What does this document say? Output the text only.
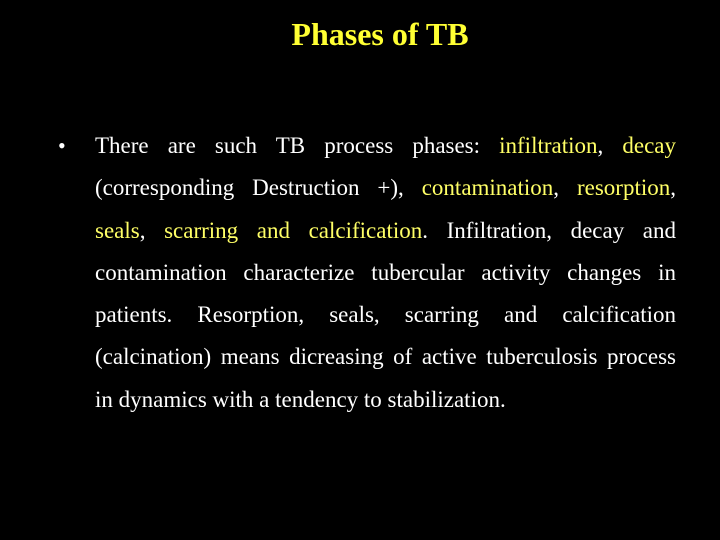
Phases of TB
• There are such TB process phases: infiltration, decay (corresponding Destruction +), contamination, resorption, seals, scarring and calcification. Infiltration, decay and contamination characterize tubercular activity changes in patients. Resorption, seals, scarring and calcification (calcination) means dicreasing of active tuberculosis process in dynamics with a tendency to stabilization.
